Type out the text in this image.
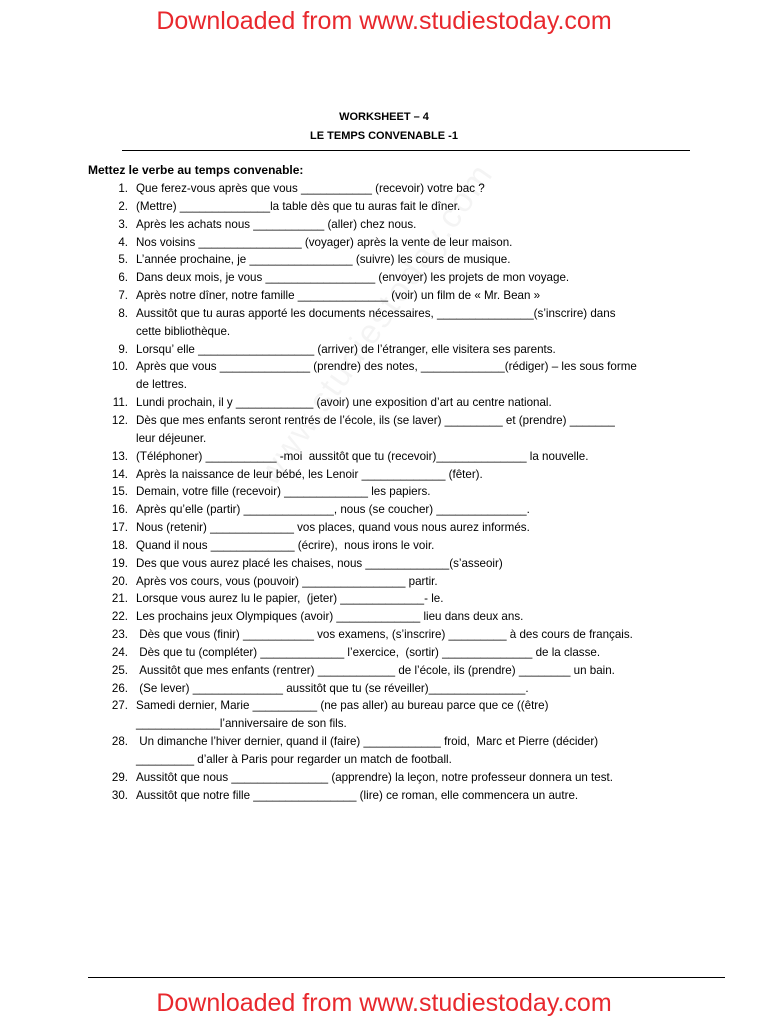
Downloaded from www.studiestoday.com
WORKSHEET – 4
LE TEMPS CONVENABLE -1
Mettez le verbe au temps convenable:
1. Que ferez-vous après que vous ___________ (recevoir) votre bac ?
2. (Mettre) ______________la table dès que tu auras fait le dîner.
3. Après les achats nous ___________ (aller) chez nous.
4. Nos voisins ________________ (voyager) après la vente de leur maison.
5. L’année prochaine, je ________________ (suivre) les cours de musique.
6. Dans deux mois, je vous _________________ (envoyer) les projets de mon voyage.
7. Après notre dîner, notre famille ______________ (voir) un film de « Mr. Bean »
8. Aussitôt que tu auras apporté les documents nécessaires, _______________(s’inscrire) dans
cette bibliothèque.
9. Lorsqu’ elle __________________ (arriver) de l’étranger, elle visitera ses parents.
10. Après que vous ______________ (prendre) des notes, _____________(rédiger) – les sous forme
de lettres.
11. Lundi prochain, il y ____________ (avoir) une exposition d’art au centre national.
12. Dès que mes enfants seront rentrés de l’école, ils (se laver) _________ et (prendre) _______
leur déjeuner.
13. (Téléphoner) ___________ -moi  aussitôt que tu (recevoir)______________ la nouvelle.
14. Après la naissance de leur bébé, les Lenoir _____________ (fêter).
15. Demain, votre fille (recevoir) _____________ les papiers.
16. Après qu’elle (partir) ______________, nous (se coucher) ______________.
17. Nous (retenir) _____________ vos places, quand vous nous aurez informés.
18. Quand il nous _____________ (écrire),  nous irons le voir.
19. Des que vous aurez placé les chaises, nous _____________(s’asseoir)
20. Après vos cours, vous (pouvoir) ________________ partir.
21. Lorsque vous aurez lu le papier,  (jeter) _____________- le.
22. Les prochains jeux Olympiques (avoir) _____________ lieu dans deux ans.
23. Dès que vous (finir) ___________ vos examens, (s’inscrire) _________ à des cours de français.
24. Dès que tu (compléter) _____________ l’exercice,  (sortir) ______________ de la classe.
25. Aussitôt que mes enfants (rentrer) ____________ de l’école, ils (prendre) ________ un bain.
26. (Se lever) ______________ aussitôt que tu (se réveiller)_______________.
27. Samedi dernier, Marie __________ (ne pas aller) au bureau parce que ce ((être)
_____________l’anniversaire de son fils.
28. Un dimanche l’hiver dernier, quand il (faire) ____________ froid,  Marc et Pierre (décider)
_________ d’aller à Paris pour regarder un match de football.
29. Aussitôt que nous _______________ (apprendre) la leçon, notre professeur donnera un test.
30. Aussitôt que notre fille ________________ (lire) ce roman, elle commencera un autre.
Downloaded from www.studiestoday.com
